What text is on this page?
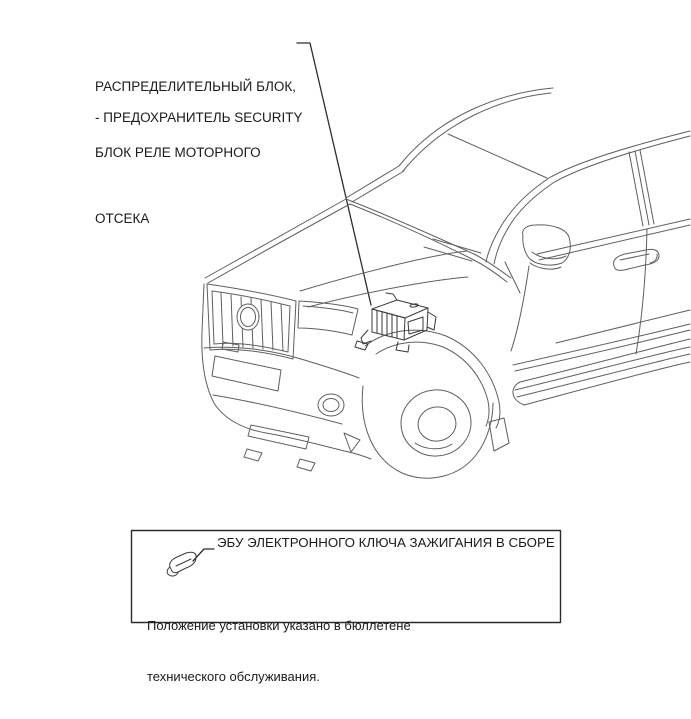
РАСПРЕДЕЛИТЕЛЬНЫЙ БЛОК,

БЛОК РЕЛЕ МОТОРНОГО

ОТСЕКА

- ПРЕДОХРАНИТЕЛЬ SECURITY
ЭБУ ЭЛЕКТРОННОГО КЛЮЧА ЗАЖИГАНИЯ В СБОРЕ

Положение установки указано в бюллетене

технического обслуживания.
